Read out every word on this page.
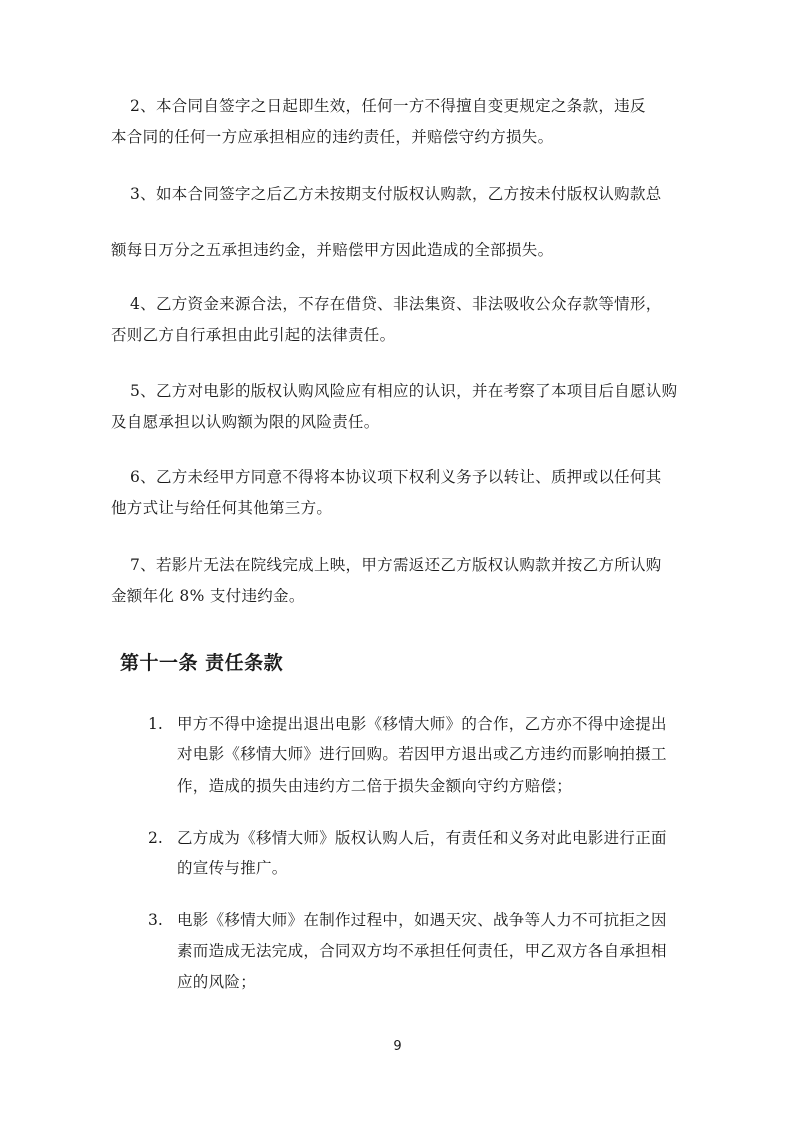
2、本合同自签字之日起即生效，任何一方不得擅自变更规定之条款，违反
本合同的任何一方应承担相应的违约责任，并赔偿守约方损失。
3、如本合同签字之后乙方未按期支付版权认购款，乙方按未付版权认购款总
额每日万分之五承担违约金，并赔偿甲方因此造成的全部损失。
4、乙方资金来源合法，不存在借贷、非法集资、非法吸收公众存款等情形，
否则乙方自行承担由此引起的法律责任。
5、乙方对电影的版权认购风险应有相应的认识，并在考察了本项目后自愿认购
及自愿承担以认购额为限的风险责任。
6、乙方未经甲方同意不得将本协议项下权利义务予以转让、质押或以任何其
他方式让与给任何其他第三方。
7、若影片无法在院线完成上映，甲方需返还乙方版权认购款并按乙方所认购
金额年化 8% 支付违约金。
第十一条 责任条款
1. 甲方不得中途提出退出电影《移情大师》的合作，乙方亦不得中途提出
对电影《移情大师》进行回购。若因甲方退出或乙方违约而影响拍摄工
作，造成的损失由违约方二倍于损失金额向守约方赔偿；
2. 乙方成为《移情大师》版权认购人后，有责任和义务对此电影进行正面
的宣传与推广。
3. 电影《移情大师》在制作过程中，如遇天灾、战争等人力不可抗拒之因
素而造成无法完成，合同双方均不承担任何责任，甲乙双方各自承担相
应的风险；
9
